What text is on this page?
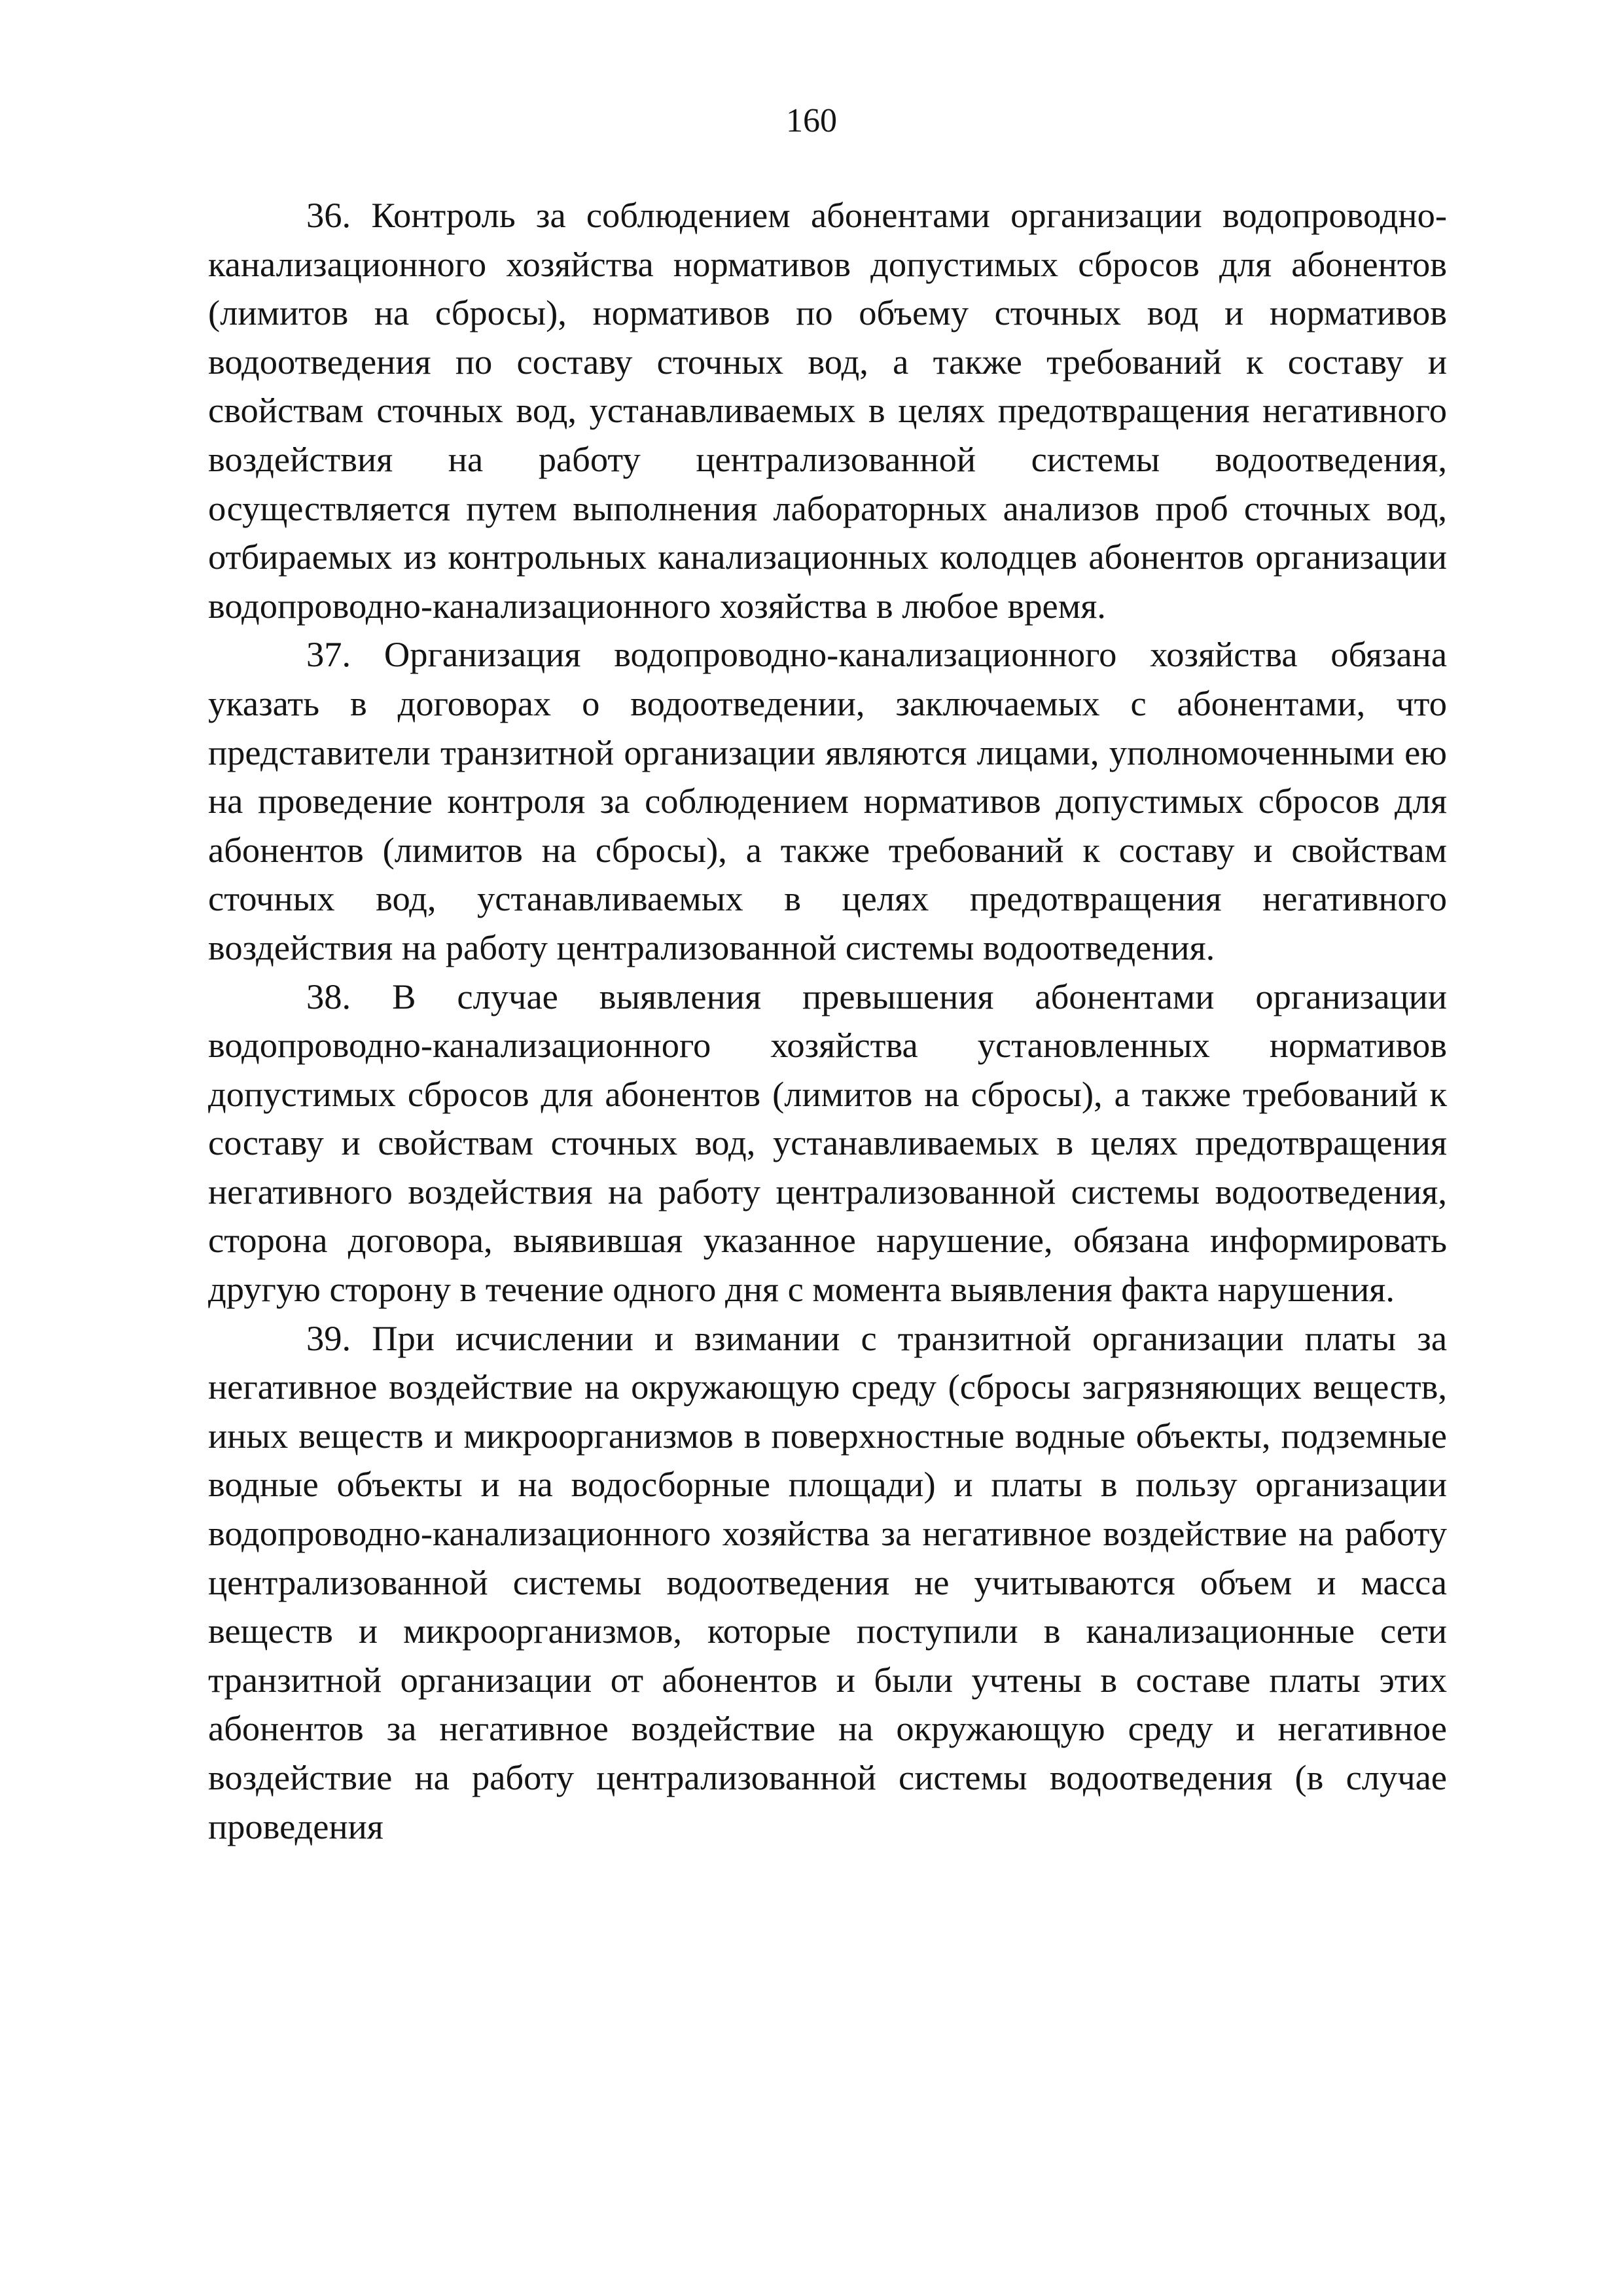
160

36. Контроль за соблюдением абонентами организации водопроводно-канализационного хозяйства нормативов допустимых сбросов для абонентов (лимитов на сбросы), нормативов по объему сточных вод и нормативов водоотведения по составу сточных вод, а также требований к составу и свойствам сточных вод, устанавливаемых в целях предотвращения негативного воздействия на работу централизованной системы водоотведения, осуществляется путем выполнения лабораторных анализов проб сточных вод, отбираемых из контрольных канализационных колодцев абонентов организации водопроводно-канализационного хозяйства в любое время.

37. Организация водопроводно-канализационного хозяйства обязана указать в договорах о водоотведении, заключаемых с абонентами, что представители транзитной организации являются лицами, уполномоченными ею на проведение контроля за соблюдением нормативов допустимых сбросов для абонентов (лимитов на сбросы), а также требований к составу и свойствам сточных вод, устанавливаемых в целях предотвращения негативного воздействия на работу централизованной системы водоотведения.

38. В случае выявления превышения абонентами организации водопроводно-канализационного хозяйства установленных нормативов допустимых сбросов для абонентов (лимитов на сбросы), а также требований к составу и свойствам сточных вод, устанавливаемых в целях предотвращения негативного воздействия на работу централизованной системы водоотведения, сторона договора, выявившая указанное нарушение, обязана информировать другую сторону в течение одного дня с момента выявления факта нарушения.

39. При исчислении и взимании с транзитной организации платы за негативное воздействие на окружающую среду (сбросы загрязняющих веществ, иных веществ и микроорганизмов в поверхностные водные объекты, подземные водные объекты и на водосборные площади) и платы в пользу организации водопроводно-канализационного хозяйства за негативное воздействие на работу централизованной системы водоотведения не учитываются объем и масса веществ и микроорганизмов, которые поступили в канализационные сети транзитной организации от абонентов и были учтены в составе платы этих абонентов за негативное воздействие на окружающую среду и негативное воздействие на работу централизованной системы водоотведения (в случае проведения
